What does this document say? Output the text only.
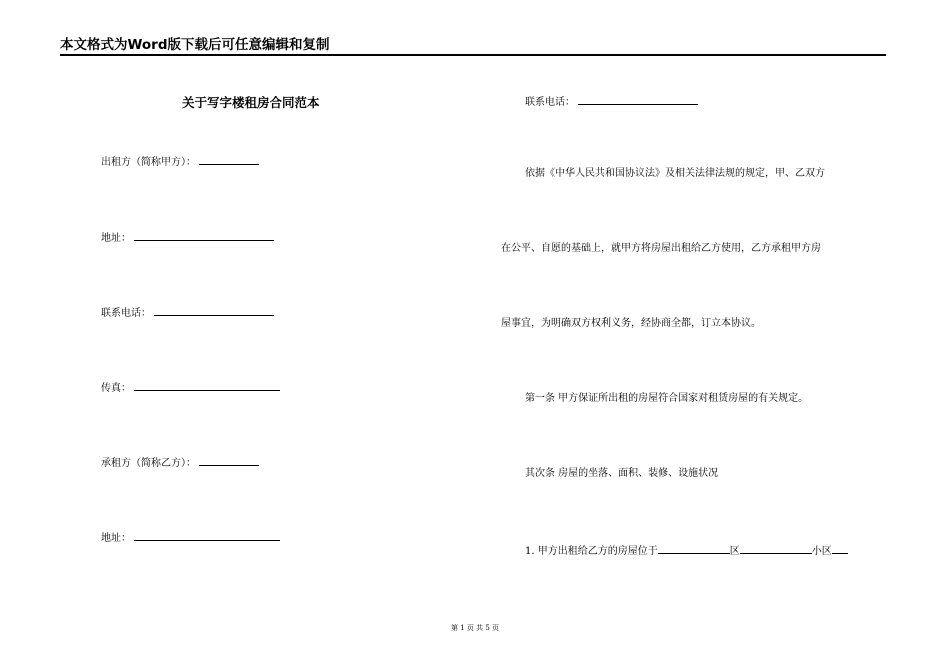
本文格式为Word版下载后可任意编辑和复制
关于写字楼租房合同范本
出租方（简称甲方）：
地址：
联系电话：
传真：
承租方（简称乙方）：
地址：
联系电话：
依据《中华人民共和国协议法》及相关法律法规的规定，甲、乙双方
在公平、自愿的基础上，就甲方将房屋出租给乙方使用，乙方承租甲方房
屋事宜，为明确双方权利义务，经协商全都，订立本协议。
第一条 甲方保证所出租的房屋符合国家对租赁房屋的有关规定。
其次条 房屋的坐落、面积、装修、设施状况
1. 甲方出租给乙方的房屋位于	区	小区
第 1 页 共 5 页
